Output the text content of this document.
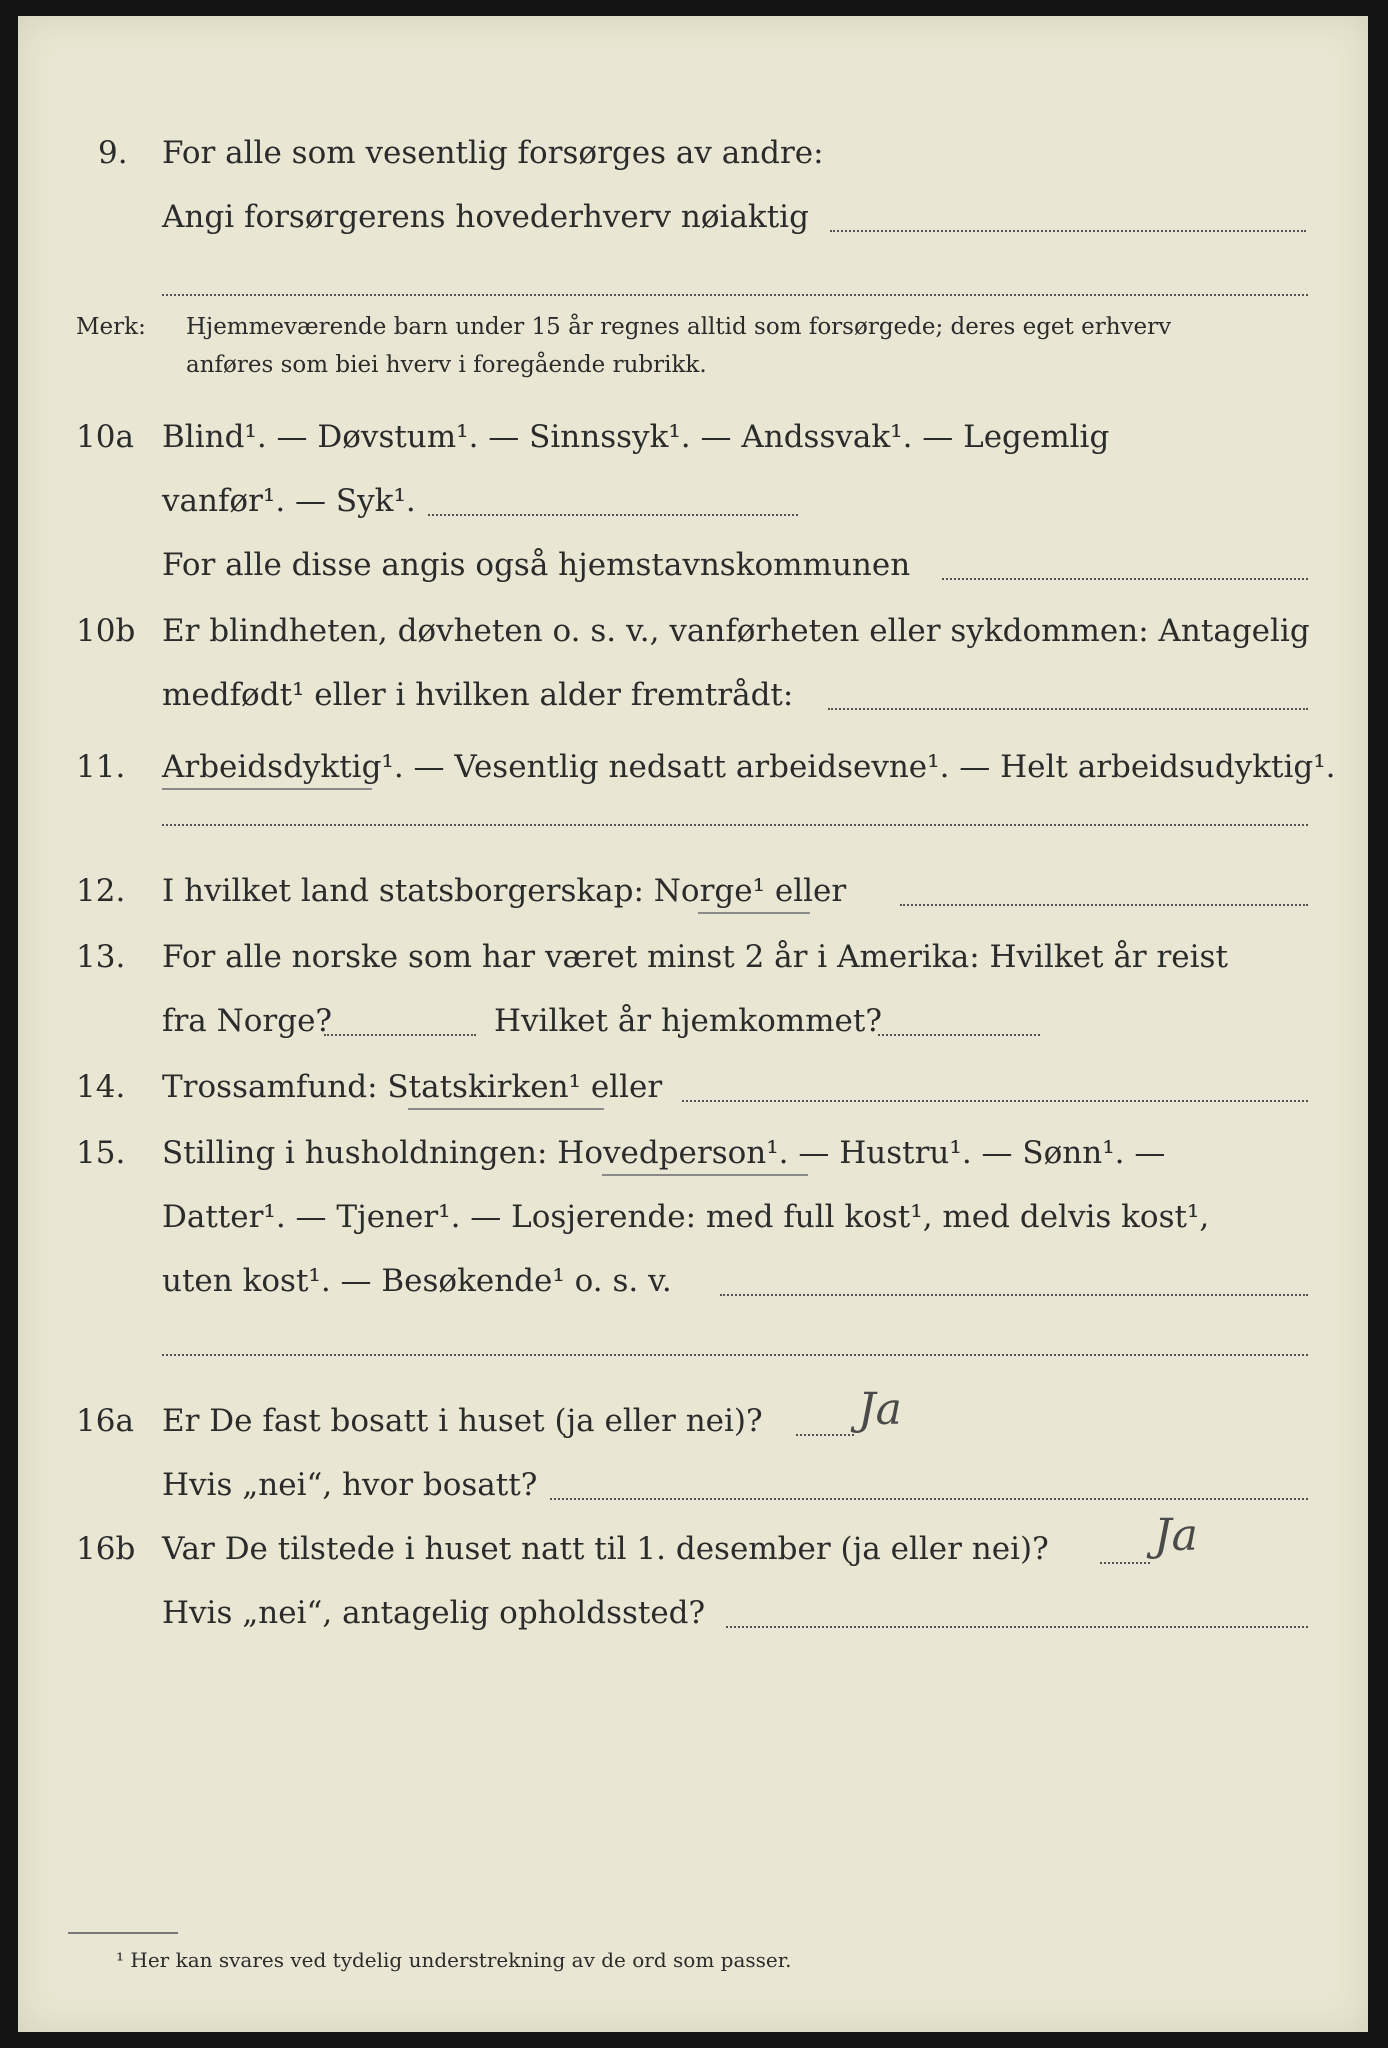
9. For alle som vesentlig forsørges av andre:
Angi forsørgerens hovederhverv nøiaktig
Merk: Hjemmeværende barn under 15 år regnes alltid som forsørgede; deres eget erhverv
anføres som biei hverv i foregående rubrikk.
10a Blind¹. — Døvstum¹. — Sinnssyk¹. — Andssvak¹. — Legemlig
vanfør¹. — Syk¹.
For alle disse angis også hjemstavnskommunen
10b Er blindheten, døvheten o. s. v., vanførheten eller sykdommen: Antagelig
medfødt¹ eller i hvilken alder fremtrådt:
11. Arbeidsdyktig¹. — Vesentlig nedsatt arbeidsevne¹. — Helt arbeidsudyktig¹.
12. I hvilket land statsborgerskap: Norge¹ eller
13. For alle norske som har været minst 2 år i Amerika: Hvilket år reist
fra Norge?	Hvilket år hjemkommet?
14. Trossamfund: Statskirken¹ eller
15. Stilling i husholdningen: Hovedperson¹. — Hustru¹. — Sønn¹. —
Datter¹. — Tjener¹. — Losjerende: med full kost¹, med delvis kost¹,
uten kost¹. — Besøkende¹ o. s. v.
16a Er De fast bosatt i huset (ja eller nei)? Ja
Hvis „nei“, hvor bosatt?
16b Var De tilstede i huset natt til 1. desember (ja eller nei)? Ja
Hvis „nei“, antagelig opholdssted?
¹ Her kan svares ved tydelig understrekning av de ord som passer.
